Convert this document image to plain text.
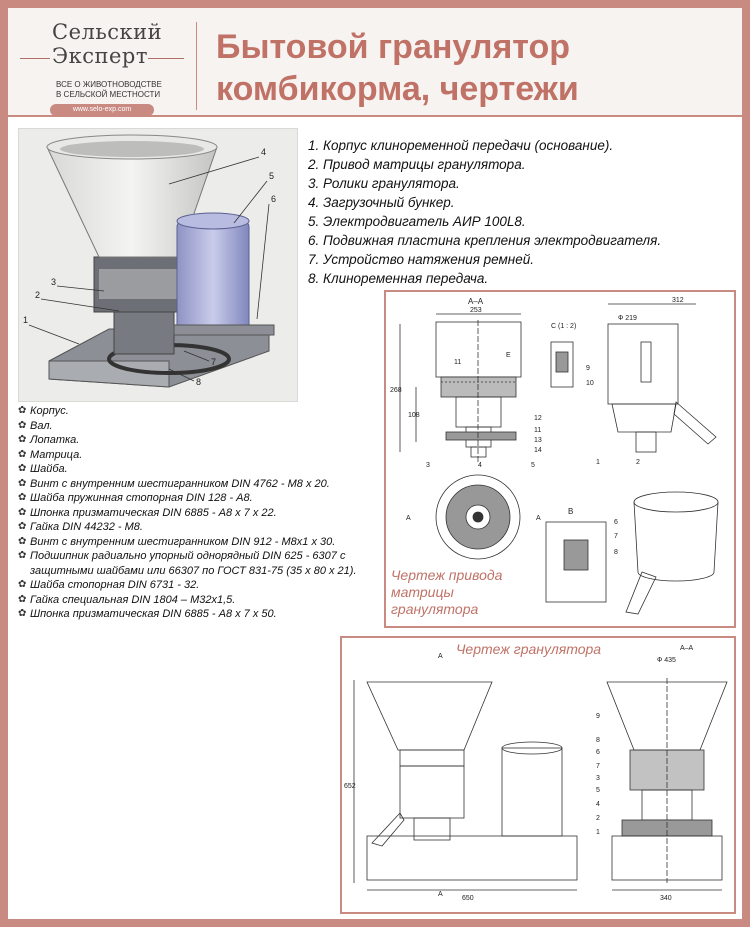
Сельский
Эксперт
ВСЕ О ЖИВОТНОВОДСТВЕ В СЕЛЬСКОЙ МЕСТНОСТИ
www.selo-exp.com
Бытовой гранулятор комбикорма, чертежи
4
5
6
3
2
1
7
8
1. Корпус клиноременной передачи (основание).
2. Привод матрицы гранулятора.
3. Ролики гранулятора.
4. Загрузочный бункер.
5. Электродвигатель АИР 100L8.
6. Подвижная пластина крепления электродвигателя.
7. Устройство натяжения ремней.
8. Клиноременная передача.
✿ Корпус.
✿ Вал.
✿ Лопатка.
✿ Матрица.
✿ Шайба.
✿ Винт с внутренним шестигранником DIN 4762 - М8 x 20.
✿ Шайба пружинная стопорная DIN 128 - А8.
✿ Шпонка призматическая DIN 6885 - А8 x 7 x 22.
✿ Гайка DIN 44232 - М8.
✿ Винт с внутренним шестигранником DIN 912 - М8x1 x 30.
✿ Подшипник радиально упорный однорядный DIN 625 - 6307 с защитными шайбами или 66307 по ГОСТ 831-75 (35 x 80 x 21).
✿ Шайба стопорная DIN 6731 - 32.
✿ Гайка специальная DIN 1804 – М32x1,5.
✿ Шпонка призматическая DIN 6885 - А8 x 7 x 50.
А–А
253
268
108
11
Е
11
12
13
14
С (1 : 2)
9
10
312
Ф 219
1	2
3	4	5
А	А
В
6
7
8
Чертеж привода матрицы гранулятора
А
652
650
А
А–А
Ф 435
340
9
8
6
7
3
5
4
2
1
Чертеж гранулятора
